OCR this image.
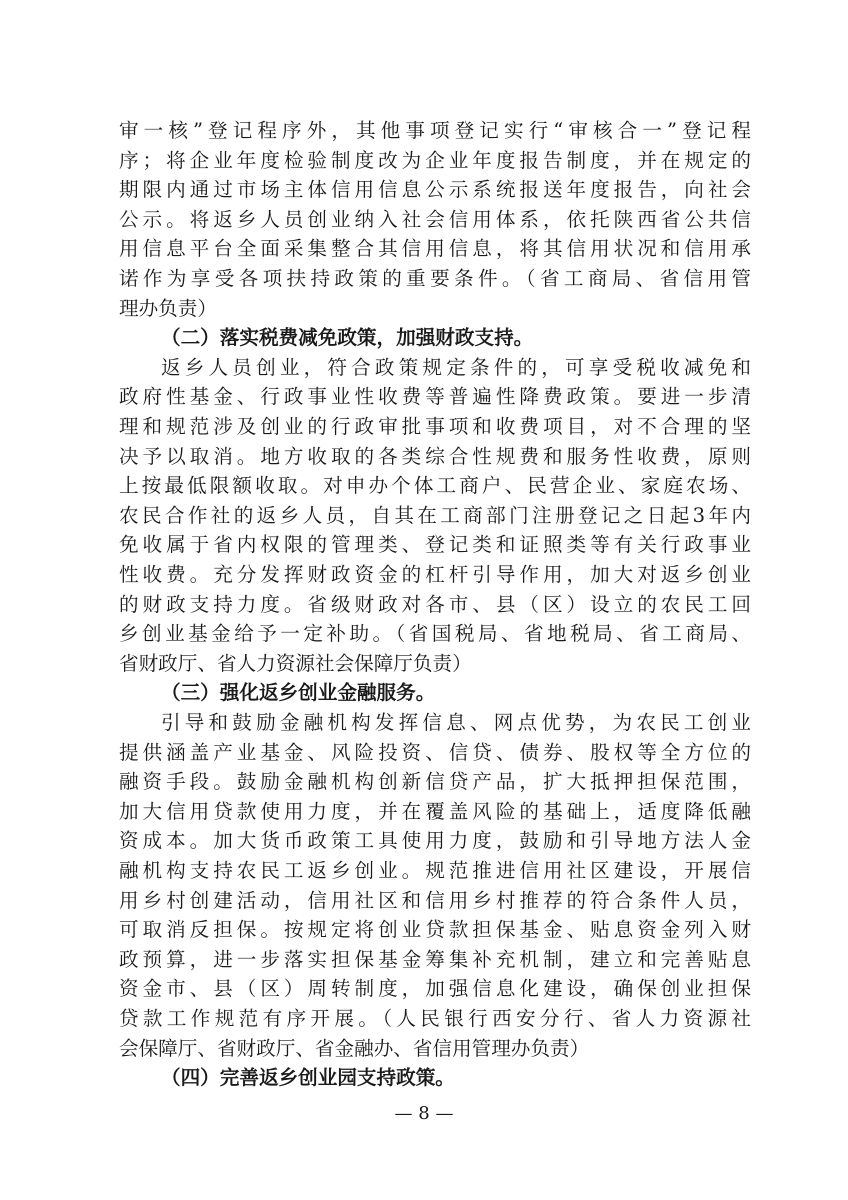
审一核”登记程序外，其他事项登记实行“审核合一”登记程
序；将企业年度检验制度改为企业年度报告制度，并在规定的
期限内通过市场主体信用信息公示系统报送年度报告，向社会
公示。将返乡人员创业纳入社会信用体系，依托陕西省公共信
用信息平台全面采集整合其信用信息，将其信用状况和信用承
诺作为享受各项扶持政策的重要条件。（省工商局、省信用管
理办负责）
（二）落实税费减免政策，加强财政支持。
返乡人员创业，符合政策规定条件的，可享受税收减免和
政府性基金、行政事业性收费等普遍性降费政策。要进一步清
理和规范涉及创业的行政审批事项和收费项目，对不合理的坚
决予以取消。地方收取的各类综合性规费和服务性收费，原则
上按最低限额收取。对申办个体工商户、民营企业、家庭农场、
农民合作社的返乡人员，自其在工商部门注册登记之日起3年内
免收属于省内权限的管理类、登记类和证照类等有关行政事业
性收费。充分发挥财政资金的杠杆引导作用，加大对返乡创业
的财政支持力度。省级财政对各市、县（区）设立的农民工回
乡创业基金给予一定补助。（省国税局、省地税局、省工商局、
省财政厅、省人力资源社会保障厅负责）
（三）强化返乡创业金融服务。
引导和鼓励金融机构发挥信息、网点优势，为农民工创业
提供涵盖产业基金、风险投资、信贷、债券、股权等全方位的
融资手段。鼓励金融机构创新信贷产品，扩大抵押担保范围，
加大信用贷款使用力度，并在覆盖风险的基础上，适度降低融
资成本。加大货币政策工具使用力度，鼓励和引导地方法人金
融机构支持农民工返乡创业。规范推进信用社区建设，开展信
用乡村创建活动，信用社区和信用乡村推荐的符合条件人员，
可取消反担保。按规定将创业贷款担保基金、贴息资金列入财
政预算，进一步落实担保基金筹集补充机制，建立和完善贴息
资金市、县（区）周转制度，加强信息化建设，确保创业担保
贷款工作规范有序开展。（人民银行西安分行、省人力资源社
会保障厅、省财政厅、省金融办、省信用管理办负责）
（四）完善返乡创业园支持政策。
— 8 —
